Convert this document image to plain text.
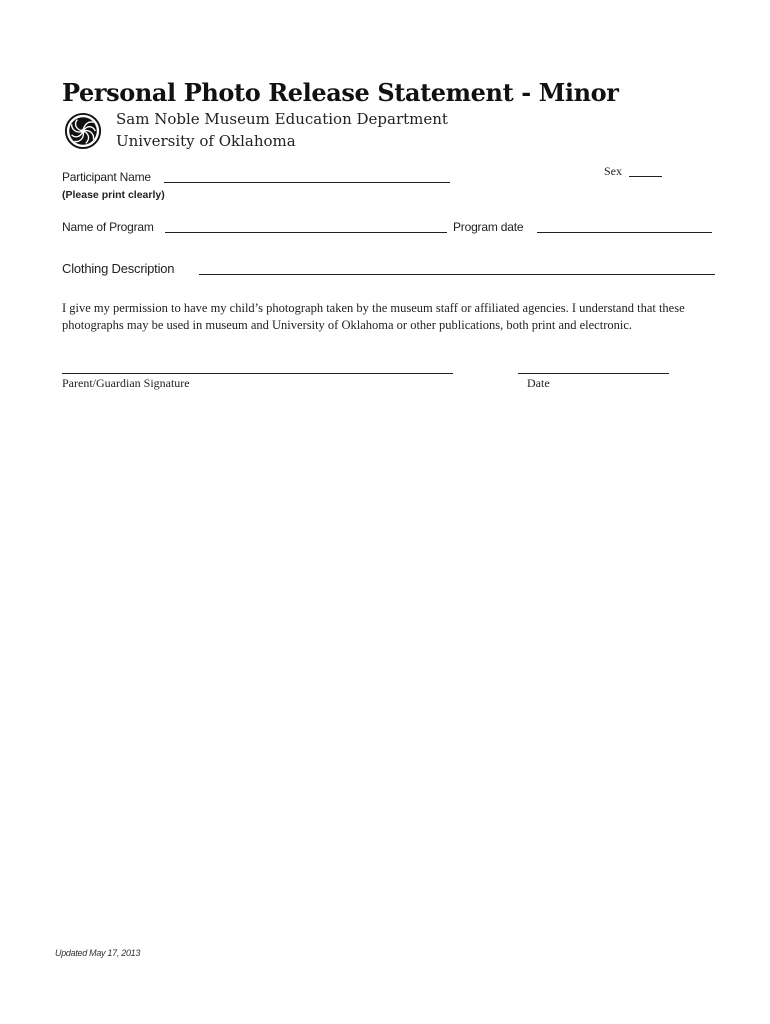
Personal Photo Release Statement - Minor
Sam Noble Museum Education Department
University of Oklahoma
Participant Name
(Please print clearly)
Sex
Name of Program	Program date
Clothing Description
I give my permission to have my child’s photograph taken by the museum staff or affiliated agencies. I understand that these photographs may be used in museum and University of Oklahoma or other publications, both print and electronic.
Parent/Guardian Signature	Date
Updated May 17, 2013
